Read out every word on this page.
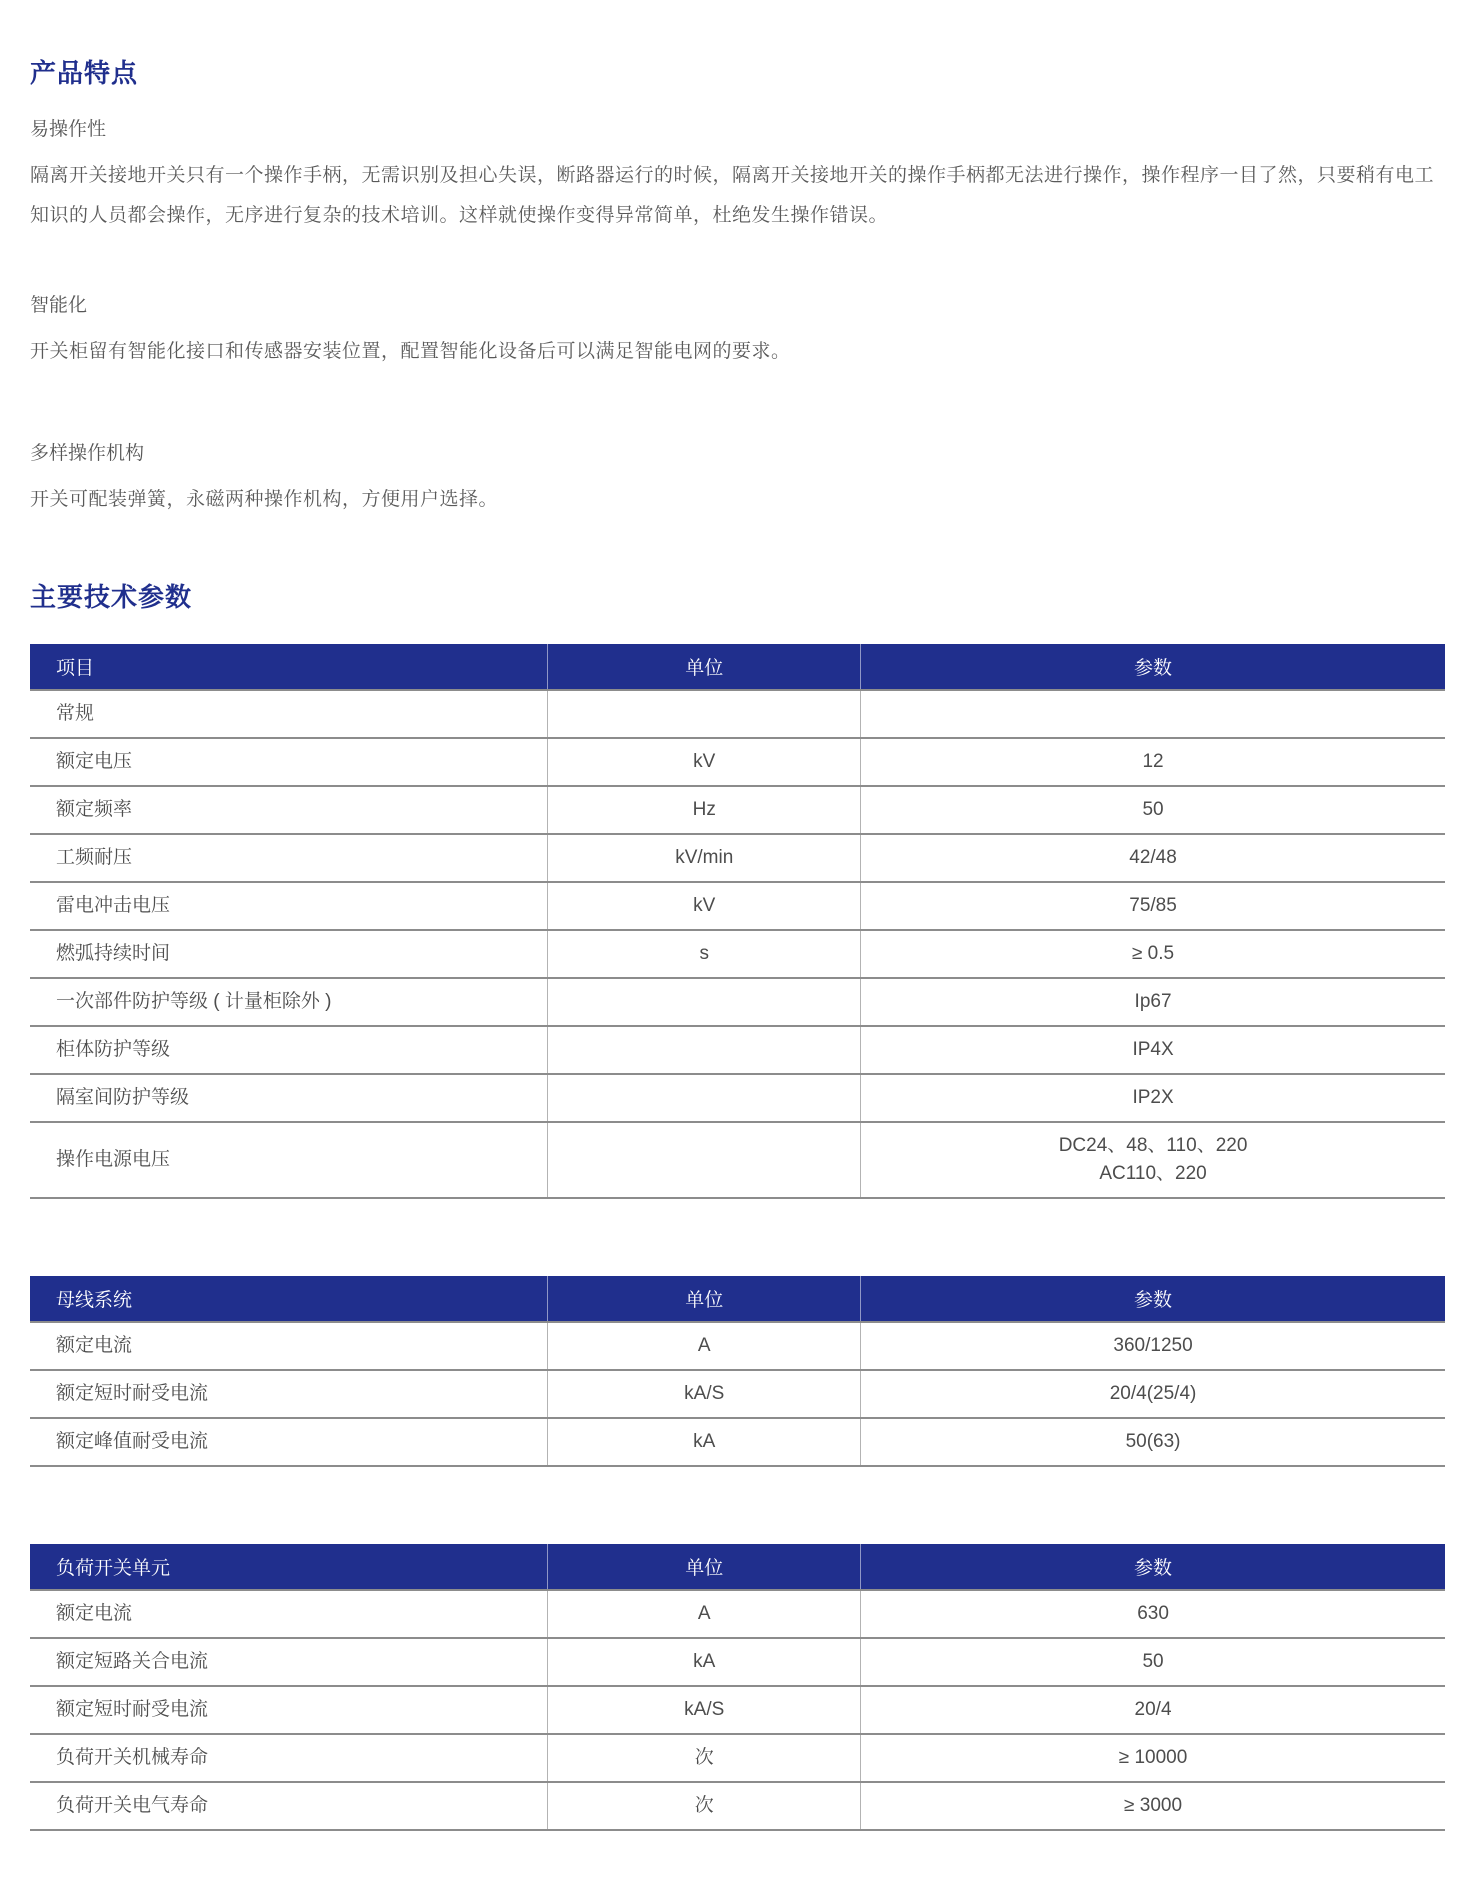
产品特点
易操作性

隔离开关接地开关只有一个操作手柄，无需识别及担心失误，断路器运行的时候，隔离开关接地开关的操作手柄都无法进行操作，操作程序一目了然，只要稍有电工知识的人员都会操作，无序进行复杂的技术培训。这样就使操作变得异常简单，杜绝发生操作错误。

智能化

开关柜留有智能化接口和传感器安装位置，配置智能化设备后可以满足智能电网的要求。

多样操作机构

开关可配装弹簧，永磁两种操作机构，方便用户选择。

主要技术参数
项目	单位	参数

常规		

额定电压	kV	12

额定频率	Hz	50

工频耐压	kV/min	42/48

雷电冲击电压	kV	75/85

燃弧持续时间	s	≥ 0.5

一次部件防护等级 ( 计量柜除外 )		Ip67

柜体防护等级		IP4X

隔室间防护等级		IP2X

操作电源电压		DC24、48、110、220
AC110、220
母线系统	单位	参数

额定电流	A	360/1250

额定短时耐受电流	kA/S	20/4(25/4)

额定峰值耐受电流	kA	50(63)
负荷开关单元	单位	参数

额定电流	A	630

额定短路关合电流	kA	50

额定短时耐受电流	kA/S	20/4

负荷开关机械寿命	次	≥ 10000

负荷开关电气寿命	次	≥ 3000
